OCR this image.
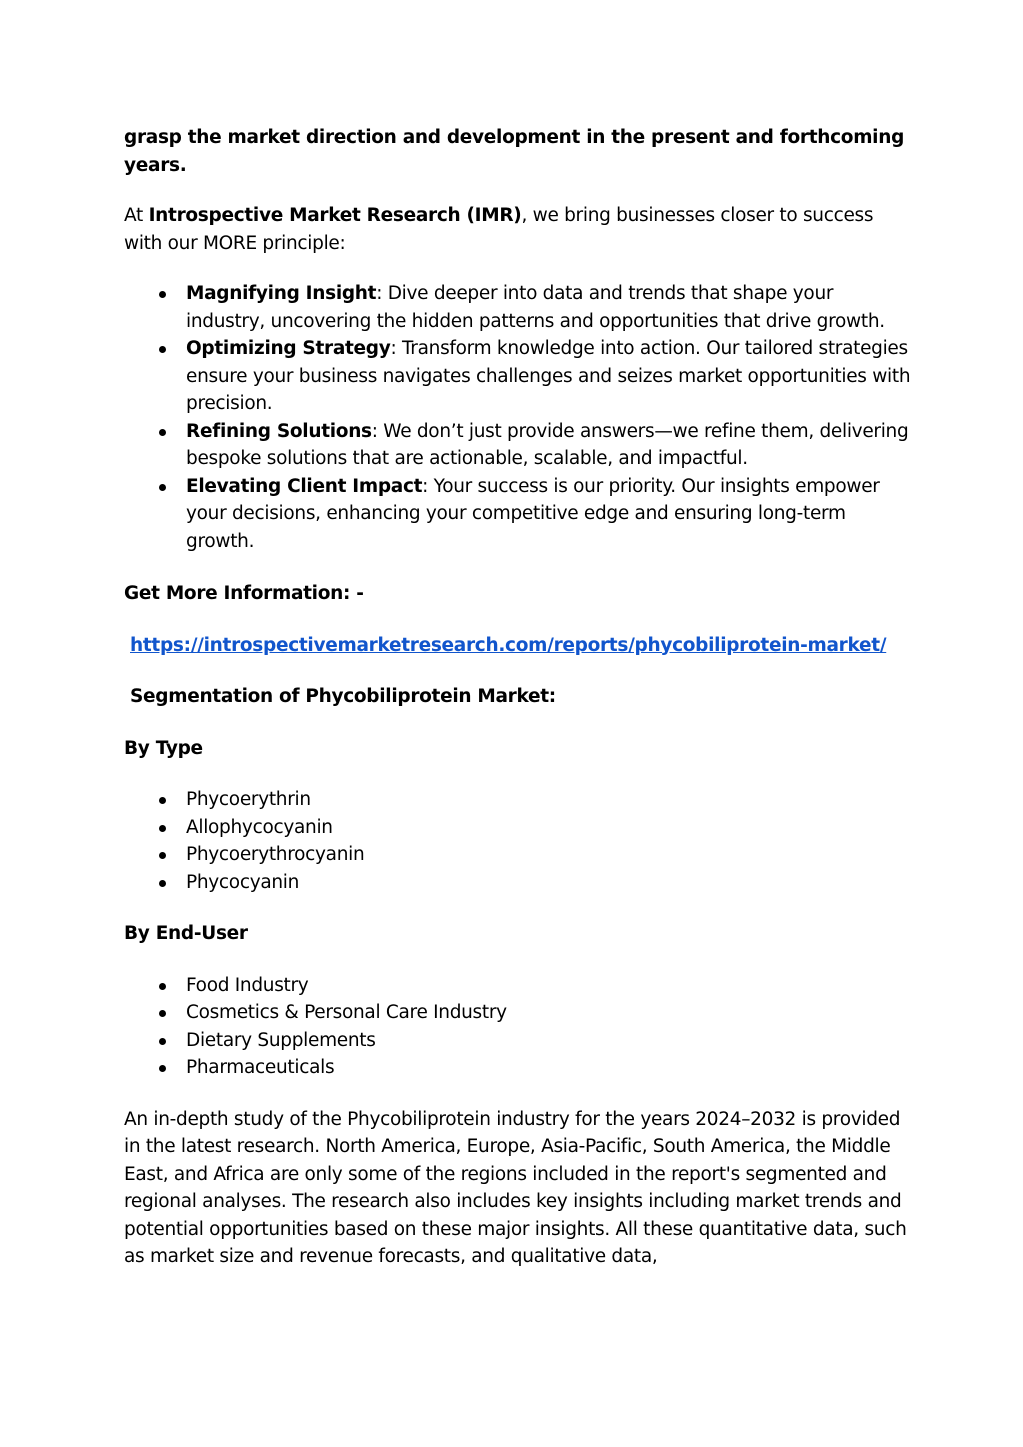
grasp the market direction and development in the present and forthcoming years.

At Introspective Market Research (IMR), we bring businesses closer to success with our MORE principle:

Magnifying Insight: Dive deeper into data and trends that shape your industry, uncovering the hidden patterns and opportunities that drive growth.
Optimizing Strategy: Transform knowledge into action. Our tailored strategies ensure your business navigates challenges and seizes market opportunities with precision.
Refining Solutions: We don’t just provide answers—we refine them, delivering bespoke solutions that are actionable, scalable, and impactful.
Elevating Client Impact: Your success is our priority. Our insights empower your decisions, enhancing your competitive edge and ensuring long-term growth.

Get More Information: -

https://introspectivemarketresearch.com/reports/phycobiliprotein-market/

Segmentation of Phycobiliprotein Market:

By Type

Phycoerythrin
Allophycocyanin
Phycoerythrocyanin
Phycocyanin

By End-User

Food Industry
Cosmetics & Personal Care Industry
Dietary Supplements
Pharmaceuticals

An in-depth study of the Phycobiliprotein industry for the years 2024–2032 is provided in the latest research. North America, Europe, Asia-Pacific, South America, the Middle East, and Africa are only some of the regions included in the report's segmented and regional analyses. The research also includes key insights including market trends and potential opportunities based on these major insights. All these quantitative data, such as market size and revenue forecasts, and qualitative data,
